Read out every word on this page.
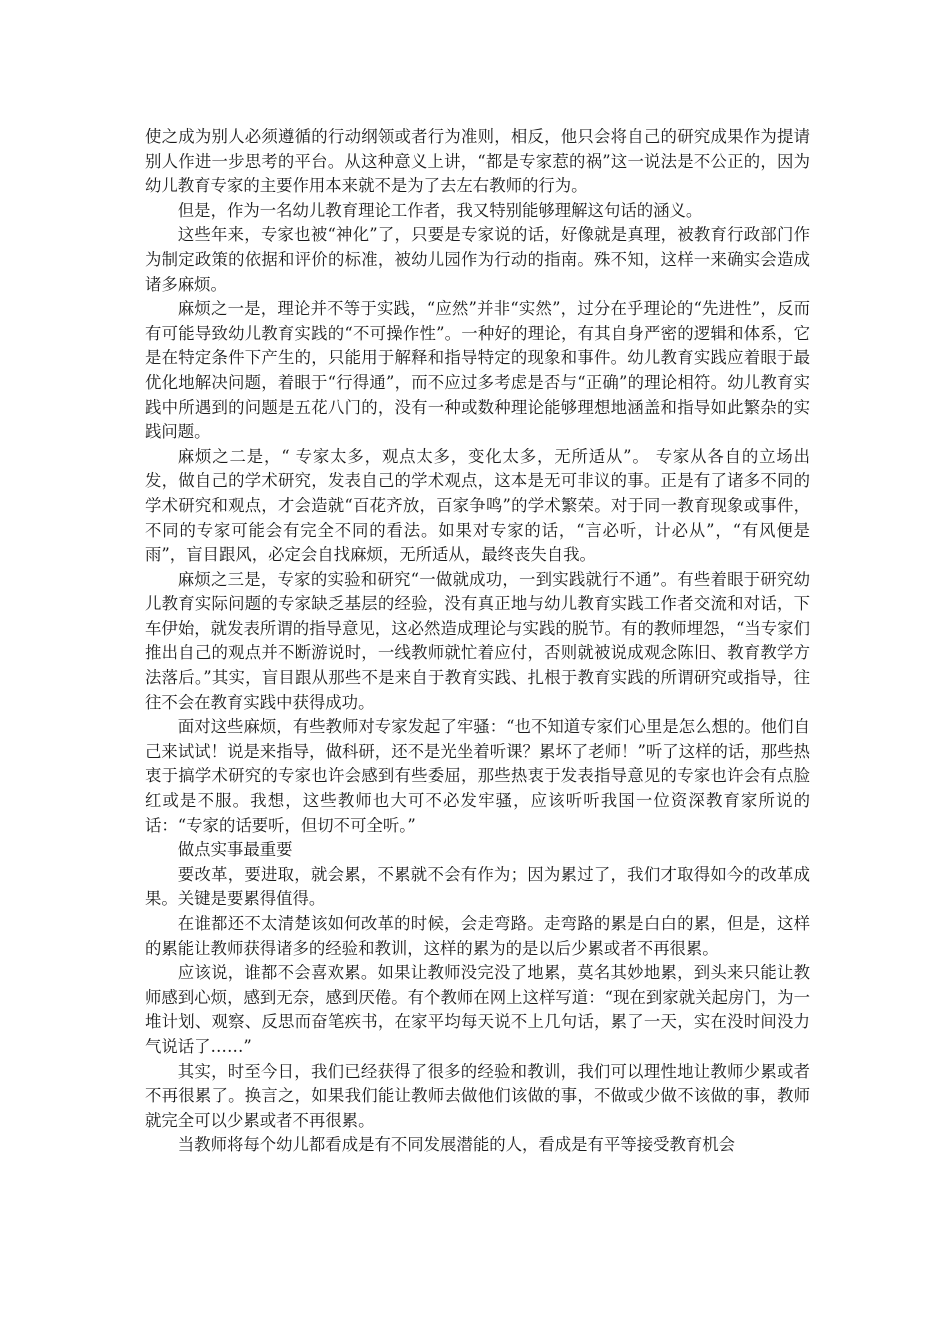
使之成为别人必须遵循的行动纲领或者行为准则，相反，他只会将自己的研究成果作为提请别人作进一步思考的平台。从这种意义上讲，“都是专家惹的祸”这一说法是不公正的，因为幼儿教育专家的主要作用本来就不是为了去左右教师的行为。

但是，作为一名幼儿教育理论工作者，我又特别能够理解这句话的涵义。

这些年来，专家也被“神化”了，只要是专家说的话，好像就是真理，被教育行政部门作为制定政策的依据和评价的标准，被幼儿园作为行动的指南。殊不知，这样一来确实会造成诸多麻烦。

麻烦之一是，理论并不等于实践，“应然”并非“实然”，过分在乎理论的“先进性”，反而有可能导致幼儿教育实践的“不可操作性”。一种好的理论，有其自身严密的逻辑和体系，它是在特定条件下产生的，只能用于解释和指导特定的现象和事件。幼儿教育实践应着眼于最优化地解决问题，着眼于“行得通”，而不应过多考虑是否与“正确”的理论相符。幼儿教育实践中所遇到的问题是五花八门的，没有一种或数种理论能够理想地涵盖和指导如此繁杂的实践问题。

麻烦之二是，“ 专家太多，观点太多，变化太多，无所适从”。 专家从各自的立场出发，做自己的学术研究，发表自己的学术观点，这本是无可非议的事。正是有了诸多不同的学术研究和观点，才会造就“百花齐放，百家争鸣”的学术繁荣。对于同一教育现象或事件，不同的专家可能会有完全不同的看法。如果对专家的话，“言必听，计必从”，“有风便是雨”，盲目跟风，必定会自找麻烦，无所适从，最终丧失自我。

麻烦之三是，专家的实验和研究“一做就成功，一到实践就行不通”。有些着眼于研究幼儿教育实际问题的专家缺乏基层的经验，没有真正地与幼儿教育实践工作者交流和对话，下车伊始，就发表所谓的指导意见，这必然造成理论与实践的脱节。有的教师埋怨，“当专家们推出自己的观点并不断游说时，一线教师就忙着应付，否则就被说成观念陈旧、教育教学方法落后。”其实，盲目跟从那些不是来自于教育实践、扎根于教育实践的所谓研究或指导，往往不会在教育实践中获得成功。

面对这些麻烦，有些教师对专家发起了牢骚：“也不知道专家们心里是怎么想的。他们自己来试试！说是来指导，做科研，还不是光坐着听课？累坏了老师！”听了这样的话，那些热衷于搞学术研究的专家也许会感到有些委屈，那些热衷于发表指导意见的专家也许会有点脸红或是不服。我想，这些教师也大可不必发牢骚，应该听听我国一位资深教育家所说的话：“专家的话要听，但切不可全听。”

做点实事最重要

要改革，要进取，就会累，不累就不会有作为；因为累过了，我们才取得如今的改革成果。关键是要累得值得。

在谁都还不太清楚该如何改革的时候，会走弯路。走弯路的累是白白的累，但是，这样的累能让教师获得诸多的经验和教训，这样的累为的是以后少累或者不再很累。

应该说，谁都不会喜欢累。如果让教师没完没了地累，莫名其妙地累，到头来只能让教师感到心烦，感到无奈，感到厌倦。有个教师在网上这样写道：“现在到家就关起房门，为一堆计划、观察、反思而奋笔疾书，在家平均每天说不上几句话，累了一天，实在没时间没力气说话了……”

其实，时至今日，我们已经获得了很多的经验和教训，我们可以理性地让教师少累或者不再很累了。换言之，如果我们能让教师去做他们该做的事，不做或少做不该做的事，教师就完全可以少累或者不再很累。

当教师将每个幼儿都看成是有不同发展潜能的人，看成是有平等接受教育机会
